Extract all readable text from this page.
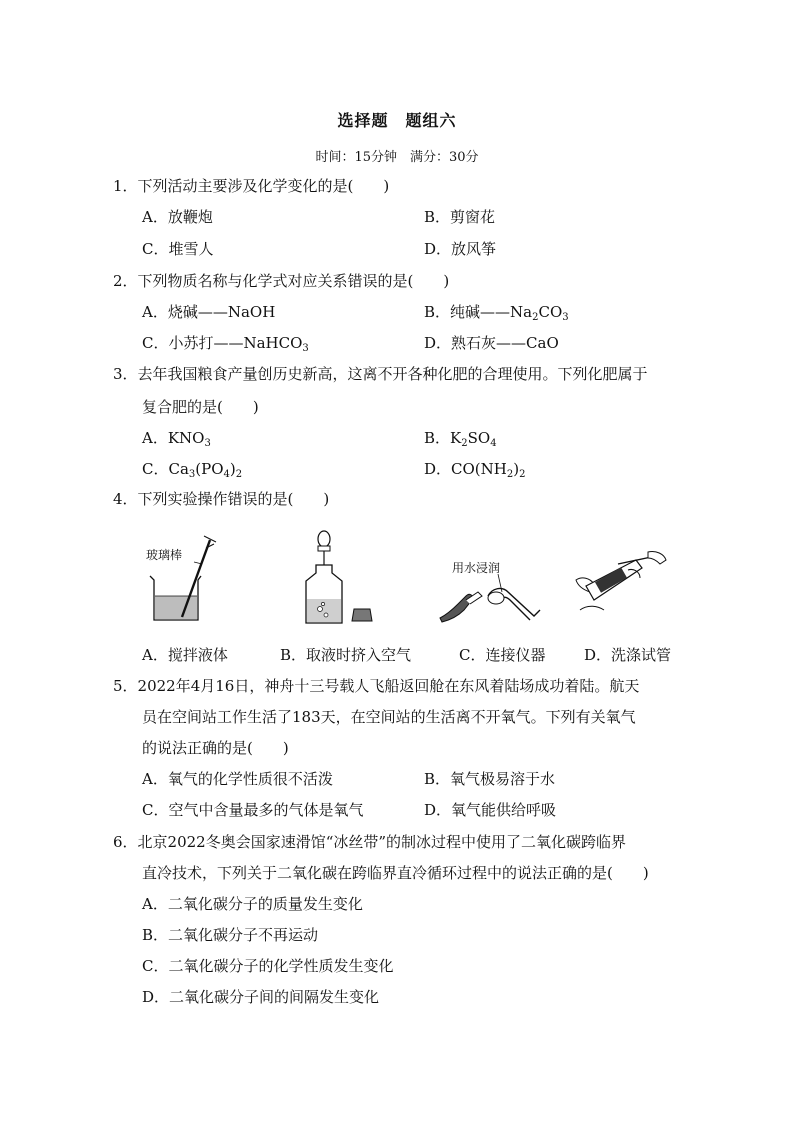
选择题　题组六
时间：15分钟　满分：30分
1．下列活动主要涉及化学变化的是(　　)
A．放鞭炮	B．剪窗花
C．堆雪人	D．放风筝
2．下列物质名称与化学式对应关系错误的是(　　)
A．烧碱——NaOH	B．纯碱$——Na_2CO_3$
C．小苏打——NaHCO$_3$	D．熟石灰——CaO
3．去年我国粮食产量创历史新高，这离不开各种化肥的合理使用。下列化肥属于
复合肥的是(　　)
A．$KNO_3$	B．$K_2SO_4$
C．$Ca_3(PO_4)_2$	D．$CO(NH_2)_2$
4．下列实验操作错误的是(　　)
玻璃棒
用水浸润
A．搅拌液体	B．取液时挤入空气	C．连接仪器	D．洗涤试管
5．2022年4月16日，神舟十三号载人飞船返回舱在东风着陆场成功着陆。航天
员在空间站工作生活了183天，在空间站的生活离不开氧气。下列有关氧气
的说法正确的是(　　)
A．氧气的化学性质很不活泼	B．氧气极易溶于水
C．空气中含量最多的气体是氧气	D．氧气能供给呼吸
6．北京2022冬奥会国家速滑馆“冰丝带”的制冰过程中使用了二氧化碳跨临界
直冷技术，下列关于二氧化碳在跨临界直冷循环过程中的说法正确的是(　　)
A．二氧化碳分子的质量发生变化
B．二氧化碳分子不再运动
C．二氧化碳分子的化学性质发生变化
D．二氧化碳分子间的间隔发生变化
